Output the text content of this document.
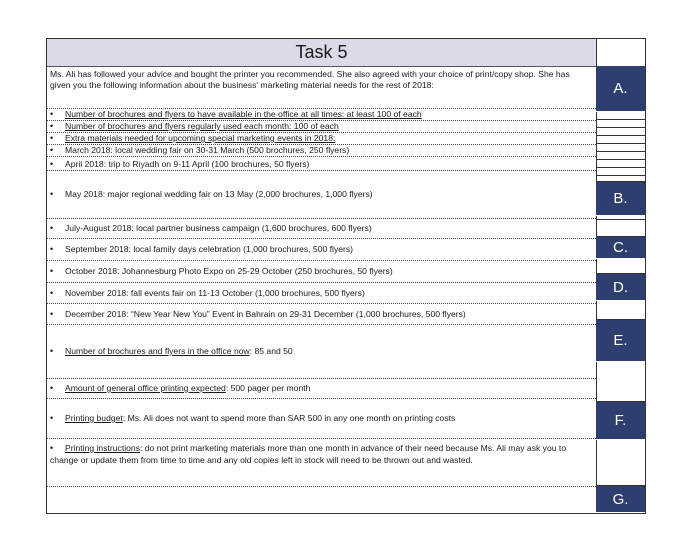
Task 5
Ms. Ali has followed your advice and bought the printer you recommended. She also agreed with your choice of print/copy shop. She has given you the following information about the business' marketing material needs for the rest of 2018:
•	Number of brochures and flyers to have available in the office at all times: at least 100 of each
•	Number of brochures and flyers regularly used each month: 100 of each
•	Extra materials needed for upcoming special marketing events in 2018:
•	March 2018: local wedding fair on 30-31 March (500 brochures, 250 flyers)
•	April 2018: trip to Riyadh on 9-11 April (100 brochures, 50 flyers)
•	May 2018: major regional wedding fair on 13 May (2,000 brochures, 1,000 flyers)
•	July-August 2018: local partner business campaign (1,600 brochures, 600 flyers)
•	September 2018: local family days celebration (1,000 brochures, 500 flyers)
•	October 2018: Johannesburg Photo Expo on 25-29 October (250 brochures, 50 flyers)
•	November 2018: fall events fair on 11-13 October (1,000 brochures, 500 flyers)
•	December 2018: “New Year New You” Event in Bahrain on 29-31 December (1,000 brochures, 500 flyers)
•	Number of brochures and flyers in the office now : 85 and 50
•	Amount of general office printing expected : 500 pager per month
•	Printing budget : Ms. Ali does not want to spend more than SAR 500 in any one month on printing costs
• Printing instructions: do not print marketing materials more than one month in advance of their need because Ms. Ali may ask you to change or update them from time to time and any old copies left in stock will need to be thrown out and wasted.
A.
B.
C.
D.
E.
F.
G.
